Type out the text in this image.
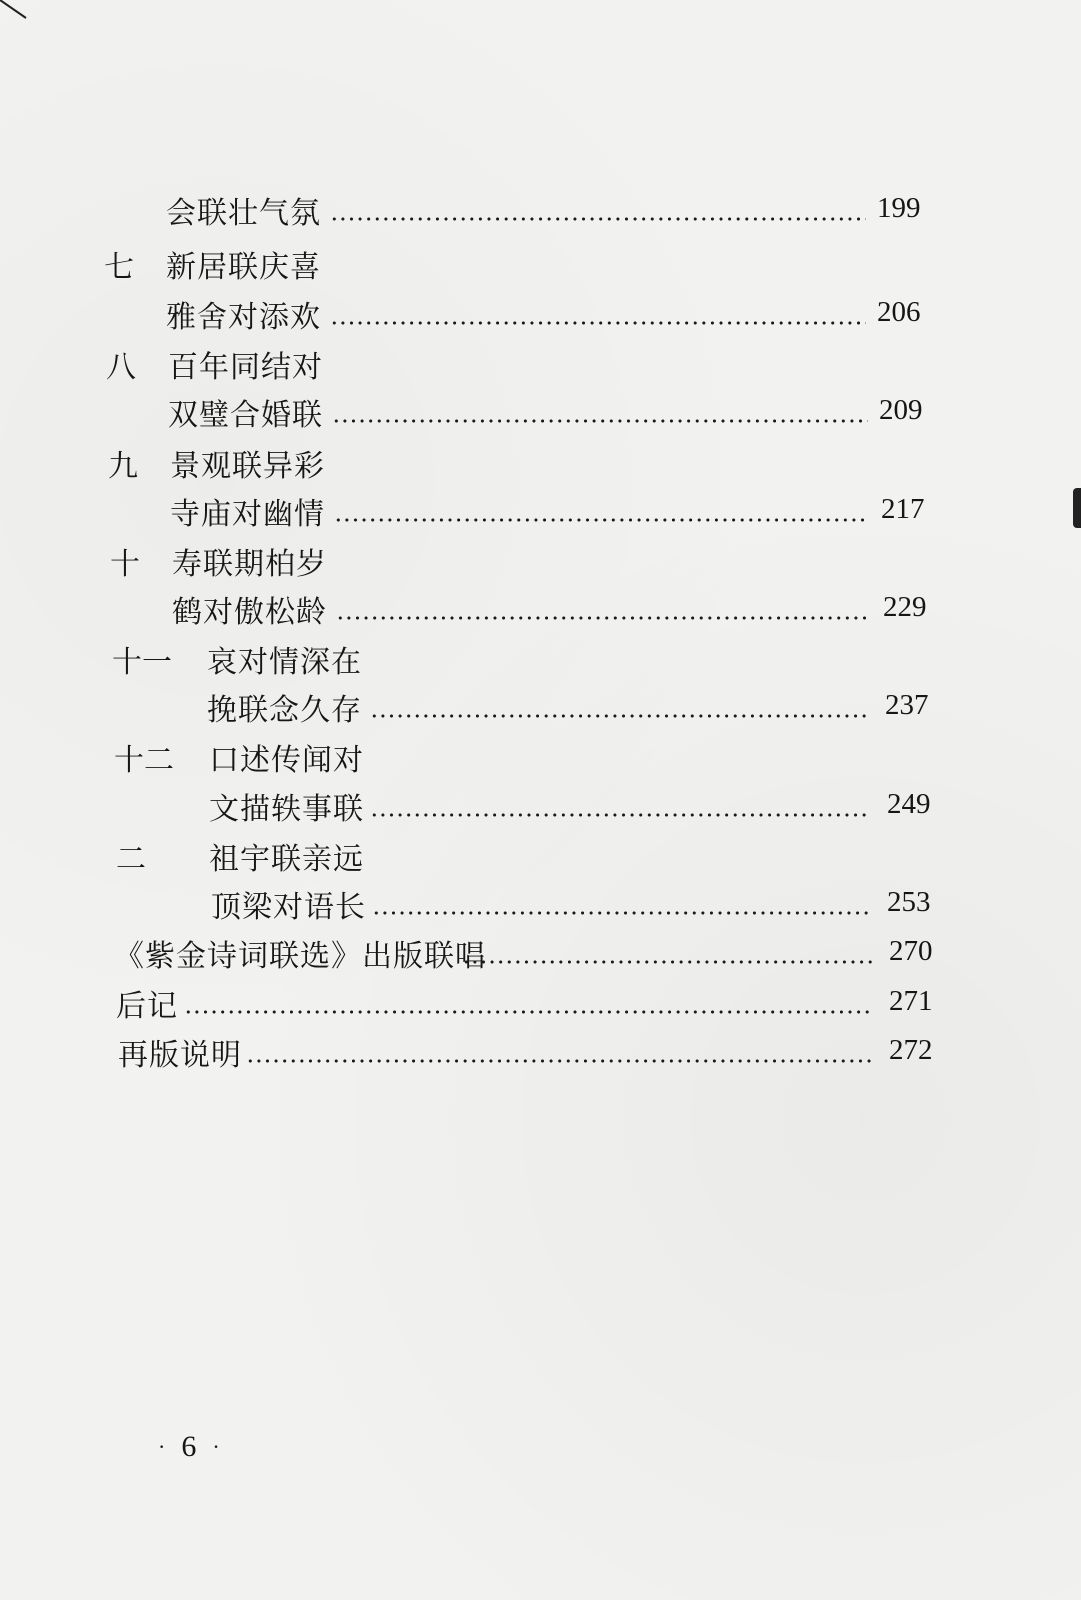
会联壮气氛	199
七 新居联庆喜
雅舍对添欢	206
八 百年同结对
双璧合婚联	209
九 景观联异彩
寺庙对幽情	217
十 寿联期柏岁
鹤对傲松龄	229
十一 哀对情深在
挽联念久存	237
十二 口述传闻对
文描轶事联	249
二 祖宇联亲远
顶梁对语长	253
《紫金诗词联选》出版联唱	270
后记	271
再版说明	272
· 6 ·
